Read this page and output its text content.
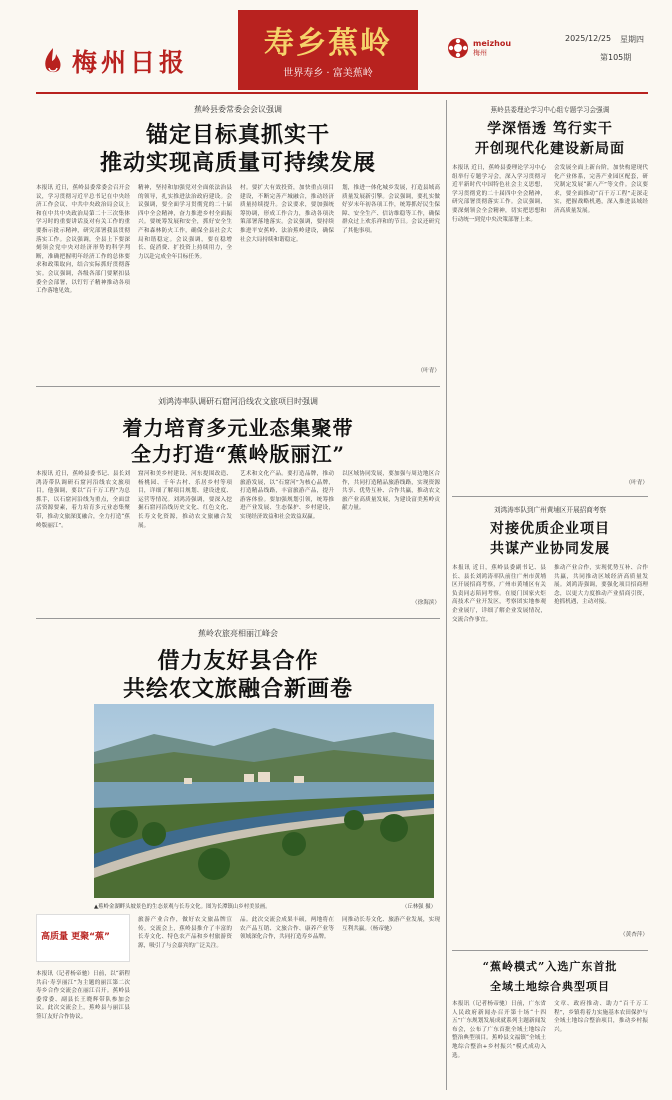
梅州日报
寿乡蕉岭
世界寿乡 · 富美蕉岭
meizhou
梅州
2025/12/25 星期四
第105期
蕉岭县委常委会会议强调
锚定目标真抓实干
推动实现高质量可持续发展
本报讯 近日，蕉岭县委常委会召开会议，学习贯彻习近平总书记在中央经济工作会议、中共中央政治局会议上和在中共中央政治局第二十三次集体学习时的重要讲话及对有关工作的重要指示批示精神，研究部署我县贯彻落实工作。会议强调，全县上下要深刻领会党中央对经济形势的科学判断，准确把握明年经济工作的总体要求和政策取向，结合实际抓好贯彻落实。会议强调，各级各部门要紧扣县委全会部署，以钉钉子精神推动各项工作落地见效。
精神，坚持和加强党对全面依法治县的领导，扎实推进法治政府建设。会议强调，要全面学习贯彻党的二十届四中全会精神，奋力推进乡村全面振兴。要统筹发展和安全，抓好安全生产和森林防火工作，确保全县社会大局和谐稳定。会议强调，要在稳增长、促消费、扩投资上持续用力，全力以赴完成全年目标任务。
村。要扩大有效投资，加快重点项目建设，不断完善产城融合，推动经济质量持续提升。会议要求，要加强统筹协调，形成工作合力，推动各项决策部署落地落实。会议强调，要持续推进平安蕉岭、法治蕉岭建设，确保社会大局持续和谐稳定。
划，推进一体化城乡发展，打造县域高质量发展新引擎。会议强调，要扎实做好岁末年初各项工作，统筹抓好民生保障、安全生产、信访维稳等工作，确保群众过上欢乐祥和的节日。会议还研究了其他事项。
（叶青）
刘鸿涛率队调研石窟河沿线农文旅项目时强调
着力培育多元业态集聚带
全力打造“蕉岭版丽江”
本报讯 近日，蕉岭县委书记、县长刘鸿涛带队调研石窟河沿线农文旅项目。他强调，要以“百千万工程”为总抓手，以石窟河沿线为重点，全面盘活资源要素，着力培育多元业态集聚带，推动文旅深度融合，全力打造“蕉岭版丽江”。
窟河和美乡村建设、河东提围改造、杨桃园、千年古村、乐居乡村等项目，详细了解项目规划、建设进度、运营等情况。刘鸿涛强调，要深入挖掘石窟河沿线历史文化、红色文化、长寿文化资源，推动农文旅融合发展。
艺术和文化产品。要打造品牌，推动旅游发展，以“石窟河”为核心品牌，打造精品线路，丰富旅游产品，提升游客体验。要加强规划引领，统筹推进产业发展、生态保护、乡村建设，实现经济效益和社会效益双赢。
以区域协同发展，要加强与周边地区合作，共同打造精品旅游线路，实现资源共享、优势互补、合作共赢，推动农文旅产业高质量发展，为建设富美蕉岭贡献力量。
（徐海滨）
蕉岭农旅亮相丽江峰会
借力友好县合作
共绘农文旅融合新画卷
▲蕉岭金湖畔头坡景色的生态景观与长寿文化。图为长潭镇山乡村美景画。	（丘林强 摄）
本报讯（记者杨帝驰）日前，以“新程共启·寿享丽江”为主题的丽江第二次寿乡合作交流会在丽江召开。蕉岭县委常委、副县长王晓辉带队参加会议。此次交流会上，蕉岭县与丽江县签订友好合作协议。
高质量 更聚“蕉”
旅游产业合作，做好农文旅品牌宣传。交流会上，蕉岭县推介了丰富的长寿文化、特色农产品和乡村旅游资源，吸引了与会嘉宾的广泛关注。
品。此次交流会成果丰硕，两地将在农产品互销、文旅合作、康养产业等领域深化合作，共同打造寿乡品牌。
同推动长寿文化、旅游产业发展，实现互利共赢。（杨帝驰）
蕉岭县委理论学习中心组专题学习会强调
学深悟透 笃行实干
开创现代化建设新局面
本报讯 近日，蕉岭县委理论学习中心组举行专题学习会，深入学习贯彻习近平新时代中国特色社会主义思想，学习贯彻党的二十届四中全会精神，研究部署贯彻落实工作。会议强调，要深刻领会全会精神，切实把思想和行动统一到党中央决策部署上来。
会发展全面上新台阶，加快构建现代化产业体系，完善产业园区配套，研究制定发展“新八产”等文件。会议要求，要全面推动“百千万工程”走深走实，把握战略机遇，深入推进县域经济高质量发展。
（叶青）
刘鸿涛率队到广州黄埔区开展招商考察
对接优质企业项目
共谋产业协同发展
本报讯 近日，蕉岭县委副书记、县长、县长刘鸿涛率队前往广州市黄埔区开展招商考察，广州市黄埔区有关负责同志陪同考察。在厦门国家火炬高技术产业开发区，考察团实地参观企业展厅，详细了解企业发展情况，交流合作事宜。
推动产业合作，实现优势互补、合作共赢，共同推动区域经济高质量发展。刘鸿涛强调，要强化项目招商理念，以更大力度推动产业招商引资，抢抓机遇，主动对接。
（黄杏萍）
“蕉岭模式”入选广东首批
全域土地综合典型项目
本报讯（记者杨帝驰）日前，广东省人民政府新闻办召开第十场“十四五”广东规划发展成就系列主题新闻发布会，公布了广东首批全域土地综合整治典型项目。蕉岭县文福镇“全域土地综合整治+乡村振兴”模式成功入选。
文章、政府推动、助力“百千万工程”，乡镇将着力实施基本农田保护与全域土地综合整治项目，推动乡村振兴。
